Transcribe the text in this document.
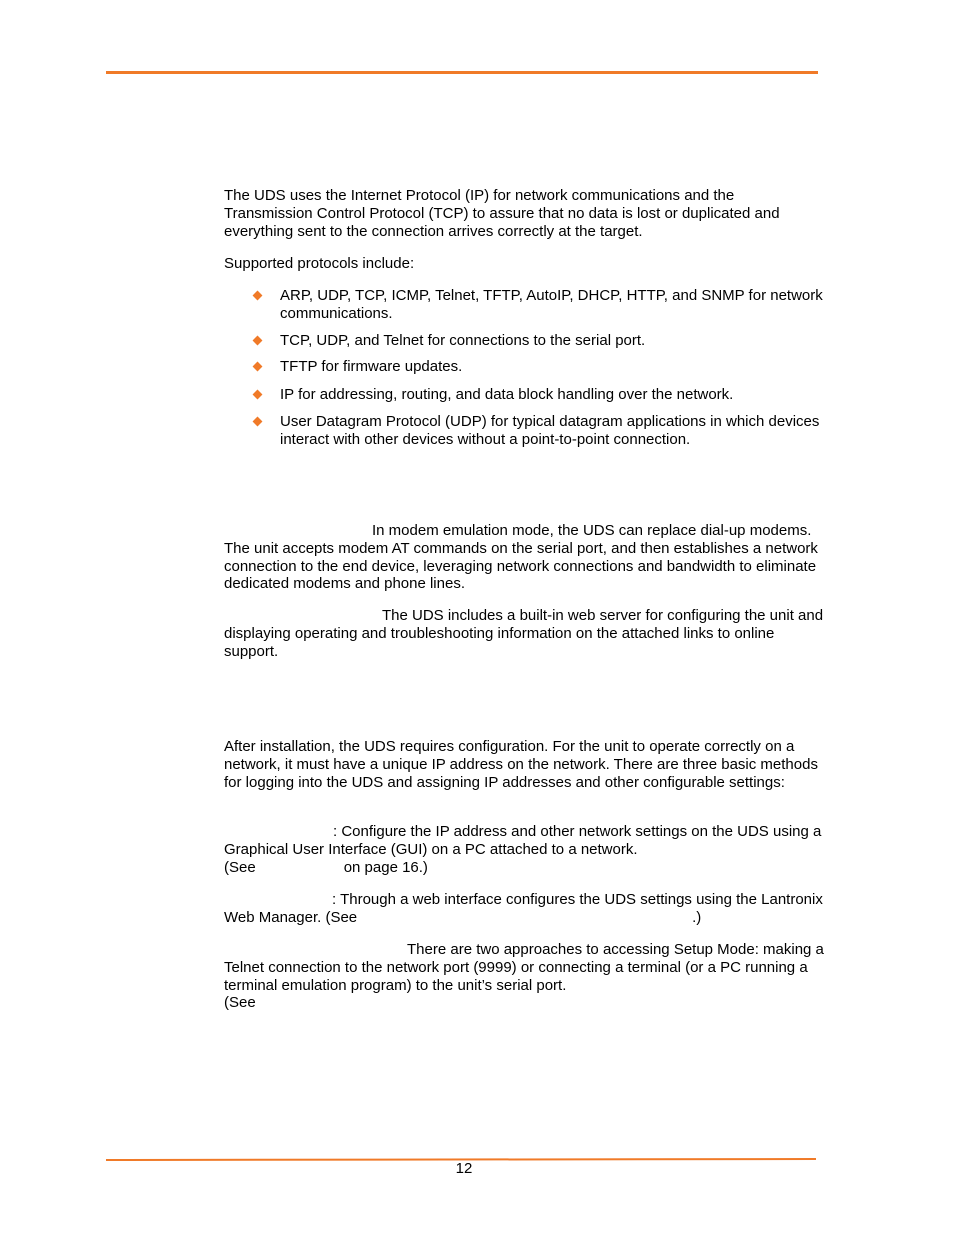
The UDS uses the Internet Protocol (IP) for network communications and the Transmission Control Protocol (TCP) to assure that no data is lost or duplicated and everything sent to the connection arrives correctly at the target.

Supported protocols include:

ARP, UDP, TCP, ICMP, Telnet, TFTP, AutoIP, DHCP, HTTP, and SNMP for network communications.
TCP, UDP, and Telnet for connections to the serial port.
TFTP for firmware updates.
IP for addressing, routing, and data block handling over the network.
User Datagram Protocol (UDP) for typical datagram applications in which devices interact with other devices without a point-to-point connection.

In modem emulation mode, the UDS can replace dial-up modems. The unit accepts modem AT commands on the serial port, and then establishes a network connection to the end device, leveraging network connections and bandwidth to eliminate dedicated modems and phone lines.

The UDS includes a built-in web server for configuring the unit and displaying operating and troubleshooting information on the attached links to online support.

After installation, the UDS requires configuration. For the unit to operate correctly on a network, it must have a unique IP address on the network. There are three basic methods for logging into the UDS and assigning IP addresses and other configurable settings:

: Configure the IP address and other network settings on the UDS using a Graphical User Interface (GUI) on a PC attached to a network.
(See	on page 16.)
: Through a web interface configures the UDS settings using the Lantronix Web Manager. (See	.)
There are two approaches to accessing Setup Mode: making a Telnet connection to the network port (9999) or connecting a terminal (or a PC running a terminal emulation program) to the unit’s serial port.
(See
12
